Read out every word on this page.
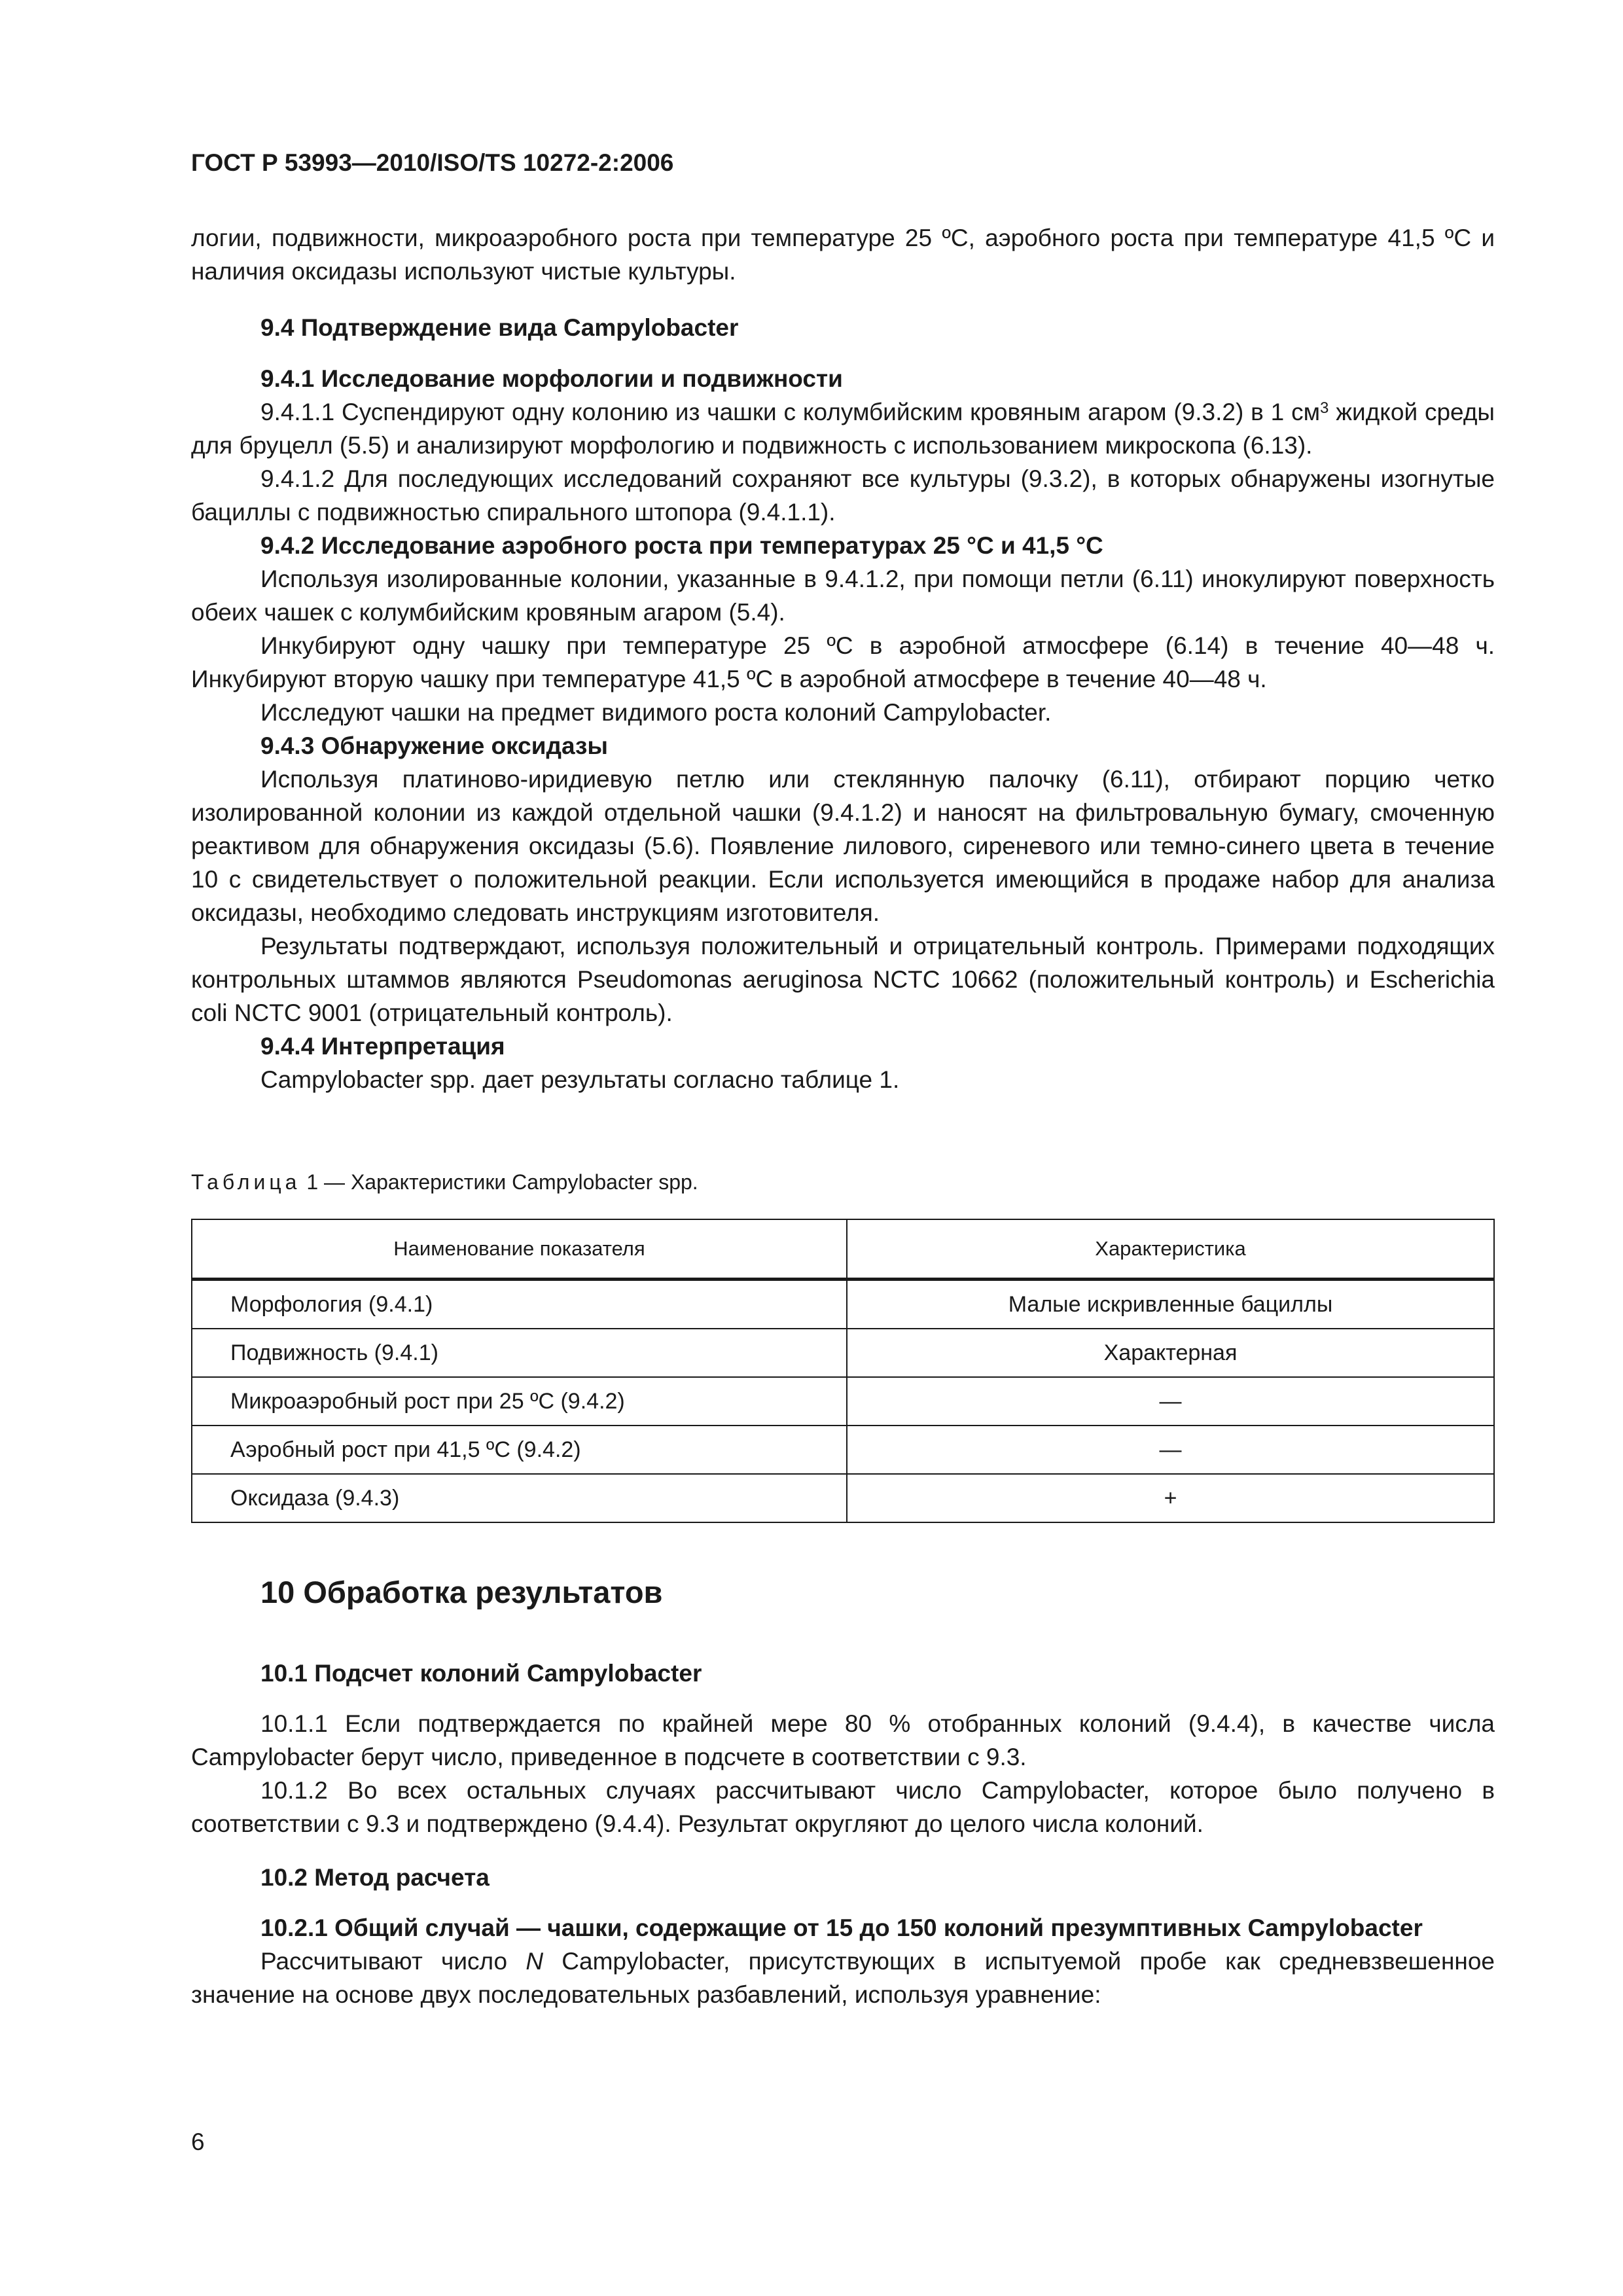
ГОСТ Р 53993—2010/ISO/TS 10272-2:2006

логии, подвижности, микроаэробного роста при температуре 25 ºС, аэробного роста при температуре 41,5 ºС и наличия оксидазы используют чистые культуры.

9.4 Подтверждение вида Campylobacter

9.4.1 Исследование морфологии и подвижности

9.4.1.1 Суспендируют одну колонию из чашки с колумбийским кровяным агаром (9.3.2) в 1 $см^3$ жидкой среды для бруцелл (5.5) и анализируют морфологию и подвижность с использованием микроскопа (6.13).

9.4.1.2 Для последующих исследований сохраняют все культуры (9.3.2), в которых обнаружены изогнутые бациллы с подвижностью спирального штопора (9.4.1.1).

9.4.2 Исследование аэробного роста при температурах 25 °С и 41,5 °С

Используя изолированные колонии, указанные в 9.4.1.2, при помощи петли (6.11) инокулируют поверхность обеих чашек с колумбийским кровяным агаром (5.4).

Инкубируют одну чашку при температуре 25 ºС в аэробной атмосфере (6.14) в течение 40—48 ч. Инкубируют вторую чашку при температуре 41,5 ºС в аэробной атмосфере в течение 40—48 ч.

Исследуют чашки на предмет видимого роста колоний Campylobacter.

9.4.3 Обнаружение оксидазы

Используя платиново-иридиевую петлю или стеклянную палочку (6.11), отбирают порцию четко изолированной колонии из каждой отдельной чашки (9.4.1.2) и наносят на фильтровальную бумагу, смоченную реактивом для обнаружения оксидазы (5.6). Появление лилового, сиреневого или темно-синего цвета в течение 10 с свидетельствует о положительной реакции. Если используется имеющийся в продаже набор для анализа оксидазы, необходимо следовать инструкциям изготовителя.

Результаты подтверждают, используя положительный и отрицательный контроль. Примерами подходящих контрольных штаммов являются Pseudomonas aeruginosa NCTC 10662 (положительный контроль) и Escherichia coli NCTC 9001 (отрицательный контроль).

9.4.4 Интерпретация

Campylobacter spp. дает результаты согласно таблице 1.

Таблица 1 — Характеристики Campylobacter spp.
Наименование показателя	Характеристика
Морфология (9.4.1)	Малые искривленные бациллы
Подвижность (9.4.1)	Характерная
Микроаэробный рост при 25 ºС (9.4.2)	—
Аэробный рост при 41,5 ºС (9.4.2)	—
Оксидаза (9.4.3)	+
10 Обработка результатов
10.1 Подсчет колоний Campylobacter

10.1.1 Если подтверждается по крайней мере 80 % отобранных колоний (9.4.4), в качестве числа Campylobacter берут число, приведенное в подсчете в соответствии с 9.3.

10.1.2 Во всех остальных случаях рассчитывают число Campylobacter, которое было получено в соответствии с 9.3 и подтверждено (9.4.4). Результат округляют до целого числа колоний.

10.2 Метод расчета

10.2.1 Общий случай — чашки, содержащие от 15 до 150 колоний презумптивных Campylobacter

Рассчитывают число N Campylobacter, присутствующих в испытуемой пробе как средневзвешенное значение на основе двух последовательных разбавлений, используя уравнение:

6
